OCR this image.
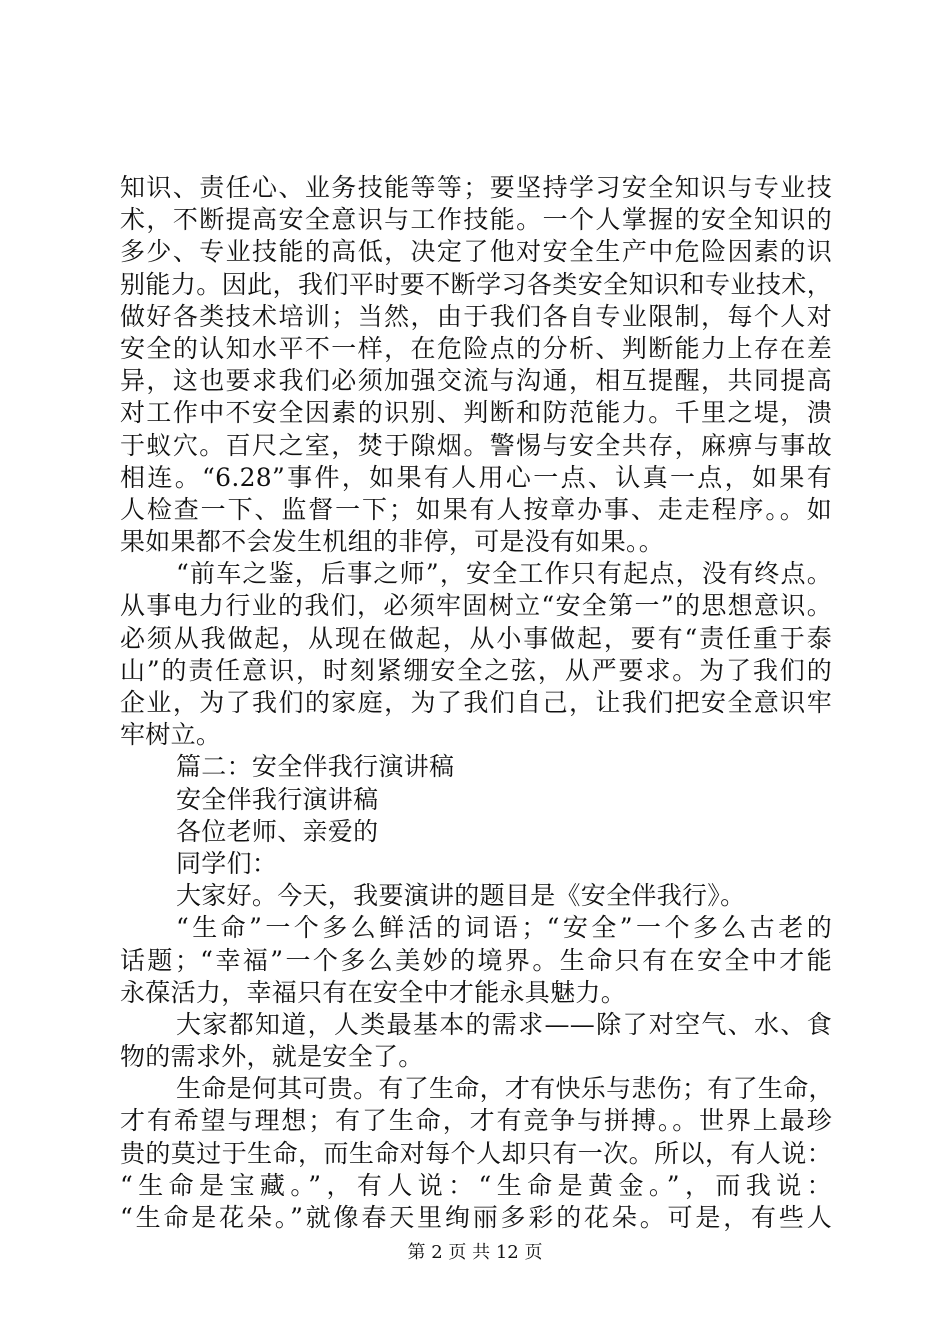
知识、责任心、业务技能等等；要坚持学习安全知识与专业技
术，不断提高安全意识与工作技能。一个人掌握的安全知识的
多少、专业技能的高低，决定了他对安全生产中危险因素的识
别能力。因此，我们平时要不断学习各类安全知识和专业技术，
做好各类技术培训；当然，由于我们各自专业限制，每个人对
安全的认知水平不一样，在危险点的分析、判断能力上存在差
异，这也要求我们必须加强交流与沟通，相互提醒，共同提高
对工作中不安全因素的识别、判断和防范能力。千里之堤，溃
于蚁穴。百尺之室，焚于隙烟。警惕与安全共存，麻痹与事故
相连。“6.28”事件，如果有人用心一点、认真一点，如果有
人检查一下、监督一下；如果有人按章办事、走走程序。。如
果如果都不会发生机组的非停，可是没有如果。。
“前车之鉴，后事之师”，安全工作只有起点，没有终点。
从事电力行业的我们，必须牢固树立“安全第一”的思想意识。
必须从我做起，从现在做起，从小事做起，要有“责任重于泰
山”的责任意识，时刻紧绷安全之弦，从严要求。为了我们的
企业，为了我们的家庭，为了我们自己，让我们把安全意识牢
牢树立。
篇二：安全伴我行演讲稿
安全伴我行演讲稿
各位老师、亲爱的
同学们：
大家好。今天，我要演讲的题目是《安全伴我行》。
“生命”一个多么鲜活的词语；“安全”一个多么古老的
话题；“幸福”一个多么美妙的境界。生命只有在安全中才能
永葆活力，幸福只有在安全中才能永具魅力。
大家都知道，人类最基本的需求——除了对空气、水、食
物的需求外，就是安全了。
生命是何其可贵。有了生命，才有快乐与悲伤；有了生命，
才有希望与理想；有了生命，才有竞争与拼搏。。世界上最珍
贵的莫过于生命，而生命对每个人却只有一次。所以，有人说：
“生命是宝藏。”，有人说：“生命是黄金。”，而我说：
“生命是花朵。”就像春天里绚丽多彩的花朵。可是，有些人
第 2 页 共 12 页
